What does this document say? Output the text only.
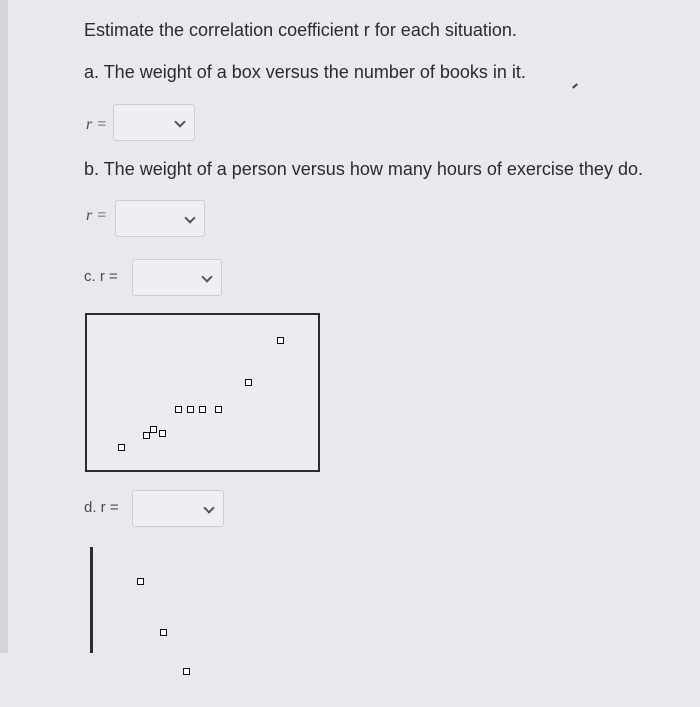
Estimate the correlation coefficient r for each situation.
a. The weight of a box versus the number of books in it.
r =
b. The weight of a person versus how many hours of exercise they do.
r =
c. r =
d. r =
